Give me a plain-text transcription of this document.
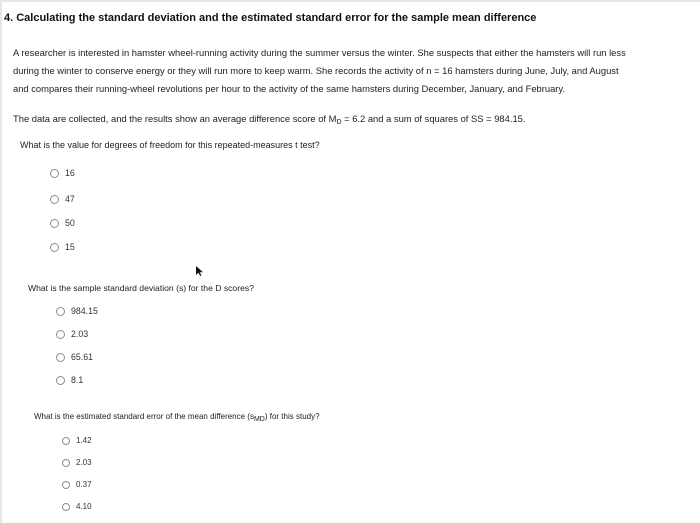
4. Calculating the standard deviation and the estimated standard error for the sample mean difference
A researcher is interested in hamster wheel-running activity during the summer versus the winter. She suspects that either the hamsters will run less
during the winter to conserve energy or they will run more to keep warm. She records the activity of n = 16 hamsters during June, July, and August
and compares their running-wheel revolutions per hour to the activity of the same hamsters during December, January, and February.
The data are collected, and the results show an average difference score of $M_D = 6.2$ and a sum of squares of SS = 984.15.
What is the value for degrees of freedom for this repeated-measures t test?
16
47
50
15
What is the sample standard deviation (s) for the D scores?
984.15
2.03
65.61
8.1
What is the estimated standard error of the mean difference (sMD) for this study?
1.42
2.03
0.37
4.10
